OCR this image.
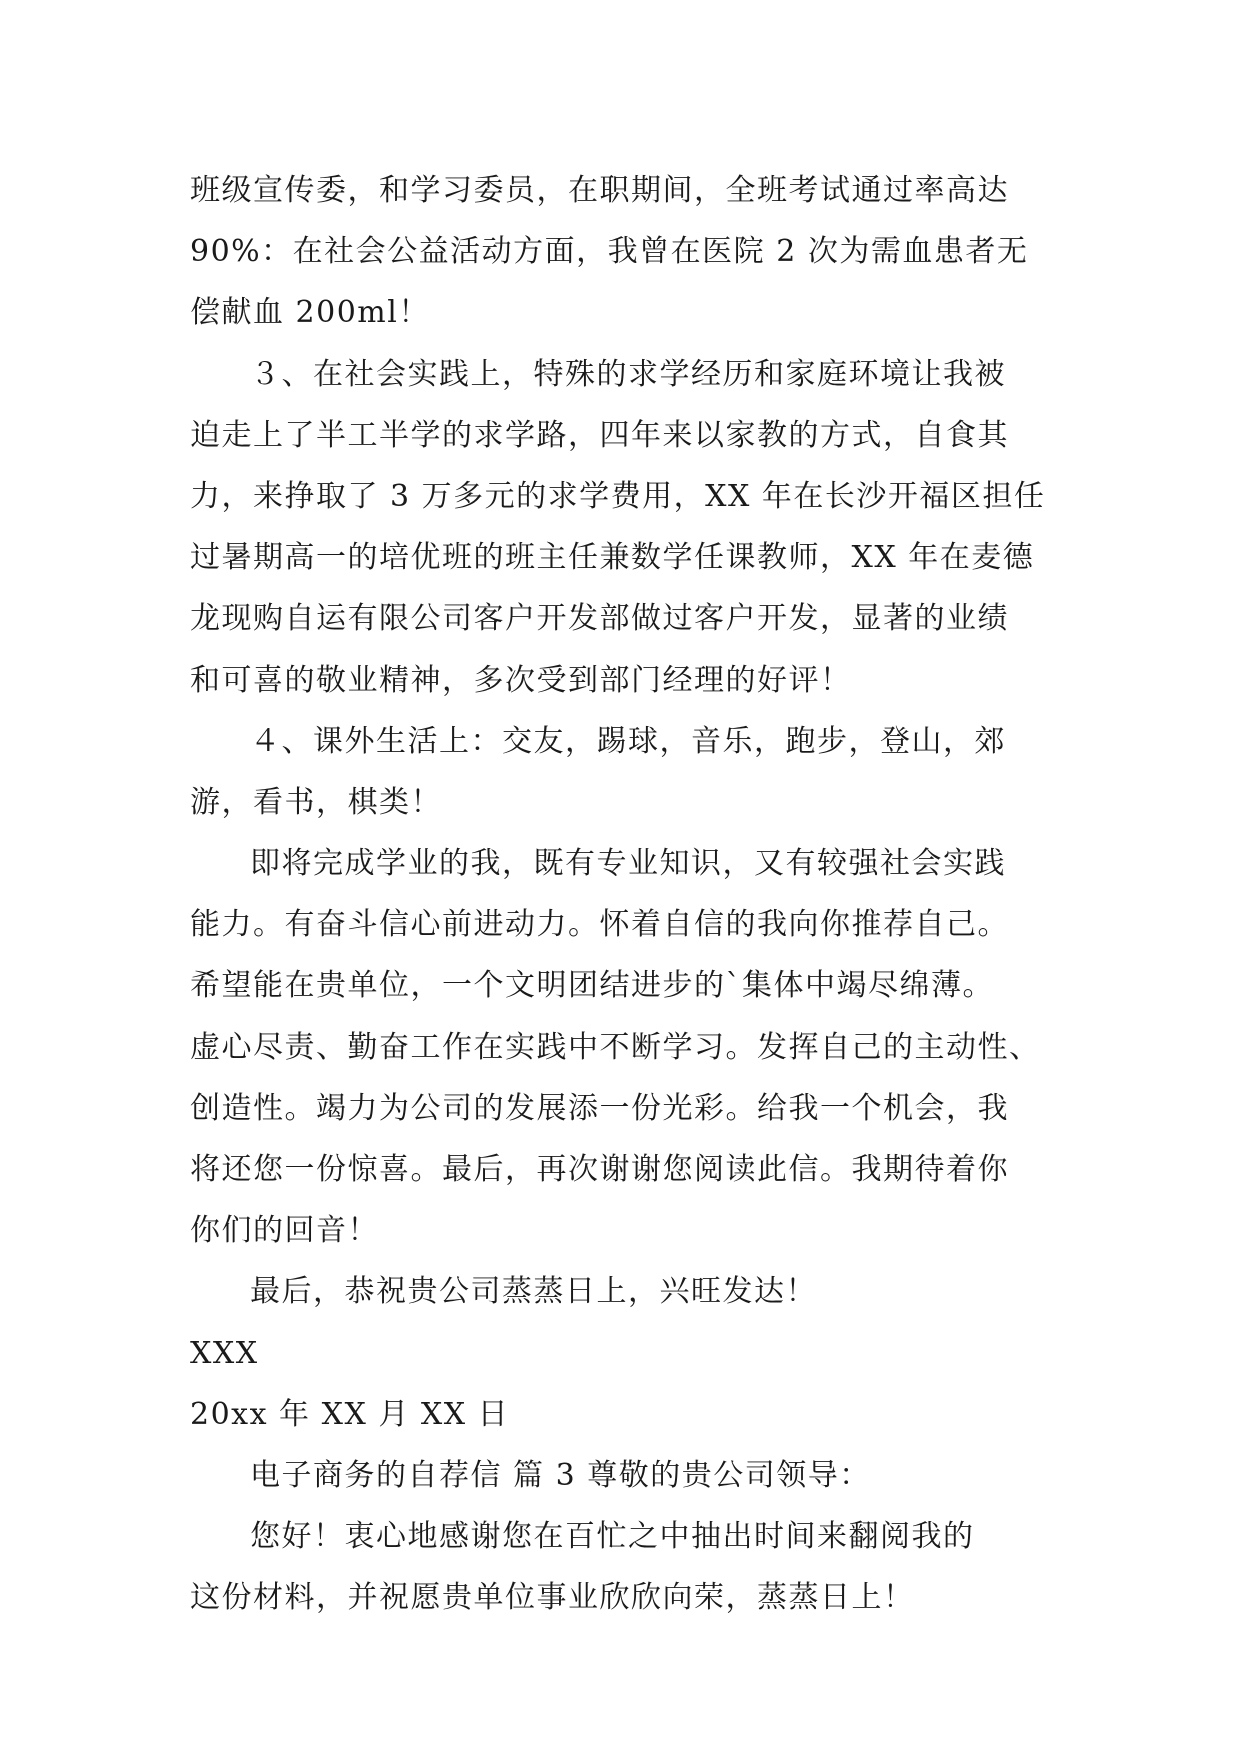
班级宣传委，和学习委员，在职期间，全班考试通过率高达
90%：在社会公益活动方面，我曾在医院 2 次为需血患者无
偿献血 200ml！
３、在社会实践上，特殊的求学经历和家庭环境让我被
迫走上了半工半学的求学路，四年来以家教的方式，自食其
力，来挣取了 3 万多元的求学费用，XX 年在长沙开福区担任
过暑期高一的培优班的班主任兼数学任课教师，XX 年在麦德
龙现购自运有限公司客户开发部做过客户开发，显著的业绩
和可喜的敬业精神，多次受到部门经理的好评！
４、课外生活上：交友，踢球，音乐，跑步，登山，郊
游，看书，棋类！
即将完成学业的我，既有专业知识，又有较强社会实践
能力。有奋斗信心前进动力。怀着自信的我向你推荐自己。
希望能在贵单位，一个文明团结进步的`集体中竭尽绵薄。
虚心尽责、勤奋工作在实践中不断学习。发挥自己的主动性、
创造性。竭力为公司的发展添一份光彩。给我一个机会，我
将还您一份惊喜。最后，再次谢谢您阅读此信。我期待着你
你们的回音！
最后，恭祝贵公司蒸蒸日上，兴旺发达！
XXX
20xx 年 XX 月 XX 日
电子商务的自荐信 篇 3 尊敬的贵公司领导：
您好！衷心地感谢您在百忙之中抽出时间来翻阅我的
这份材料，并祝愿贵单位事业欣欣向荣，蒸蒸日上！
